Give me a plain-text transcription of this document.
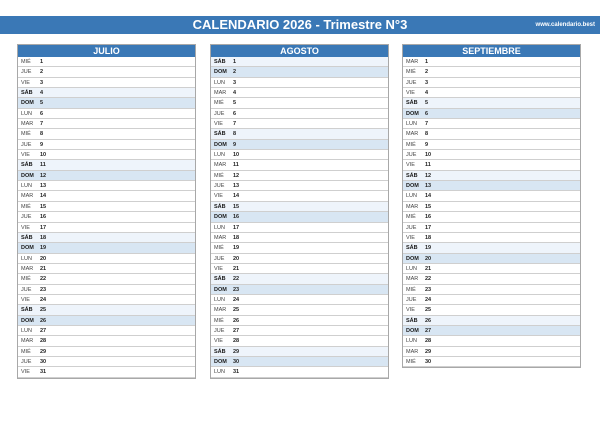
CALENDARIO 2026 - Trimestre N°3	www.calendario.best
JULIO
MIÉ 1
JUE 2
VIE 3
SÁB 4
DOM 5
LUN 6
MAR 7
MIÉ 8
JUE 9
VIE 10
SÁB 11
DOM 12
LUN 13
MAR 14
MIÉ 15
JUE 16
VIE 17
SÁB 18
DOM 19
LUN 20
MAR 21
MIÉ 22
JUE 23
VIE 24
SÁB 25
DOM 26
LUN 27
MAR 28
MIÉ 29
JUE 30
VIE 31
AGOSTO
SÁB 1
DOM 2
LUN 3
MAR 4
MIÉ 5
JUE 6
VIE 7
SÁB 8
DOM 9
LUN 10
MAR 11
MIÉ 12
JUE 13
VIE 14
SÁB 15
DOM 16
LUN 17
MAR 18
MIÉ 19
JUE 20
VIE 21
SÁB 22
DOM 23
LUN 24
MAR 25
MIÉ 26
JUE 27
VIE 28
SÁB 29
DOM 30
LUN 31
SEPTIEMBRE
MAR 1
MIÉ 2
JUE 3
VIE 4
SÁB 5
DOM 6
LUN 7
MAR 8
MIÉ 9
JUE 10
VIE 11
SÁB 12
DOM 13
LUN 14
MAR 15
MIÉ 16
JUE 17
VIE 18
SÁB 19
DOM 20
LUN 21
MAR 22
MIÉ 23
JUE 24
VIE 25
SÁB 26
DOM 27
LUN 28
MAR 29
MIÉ 30
